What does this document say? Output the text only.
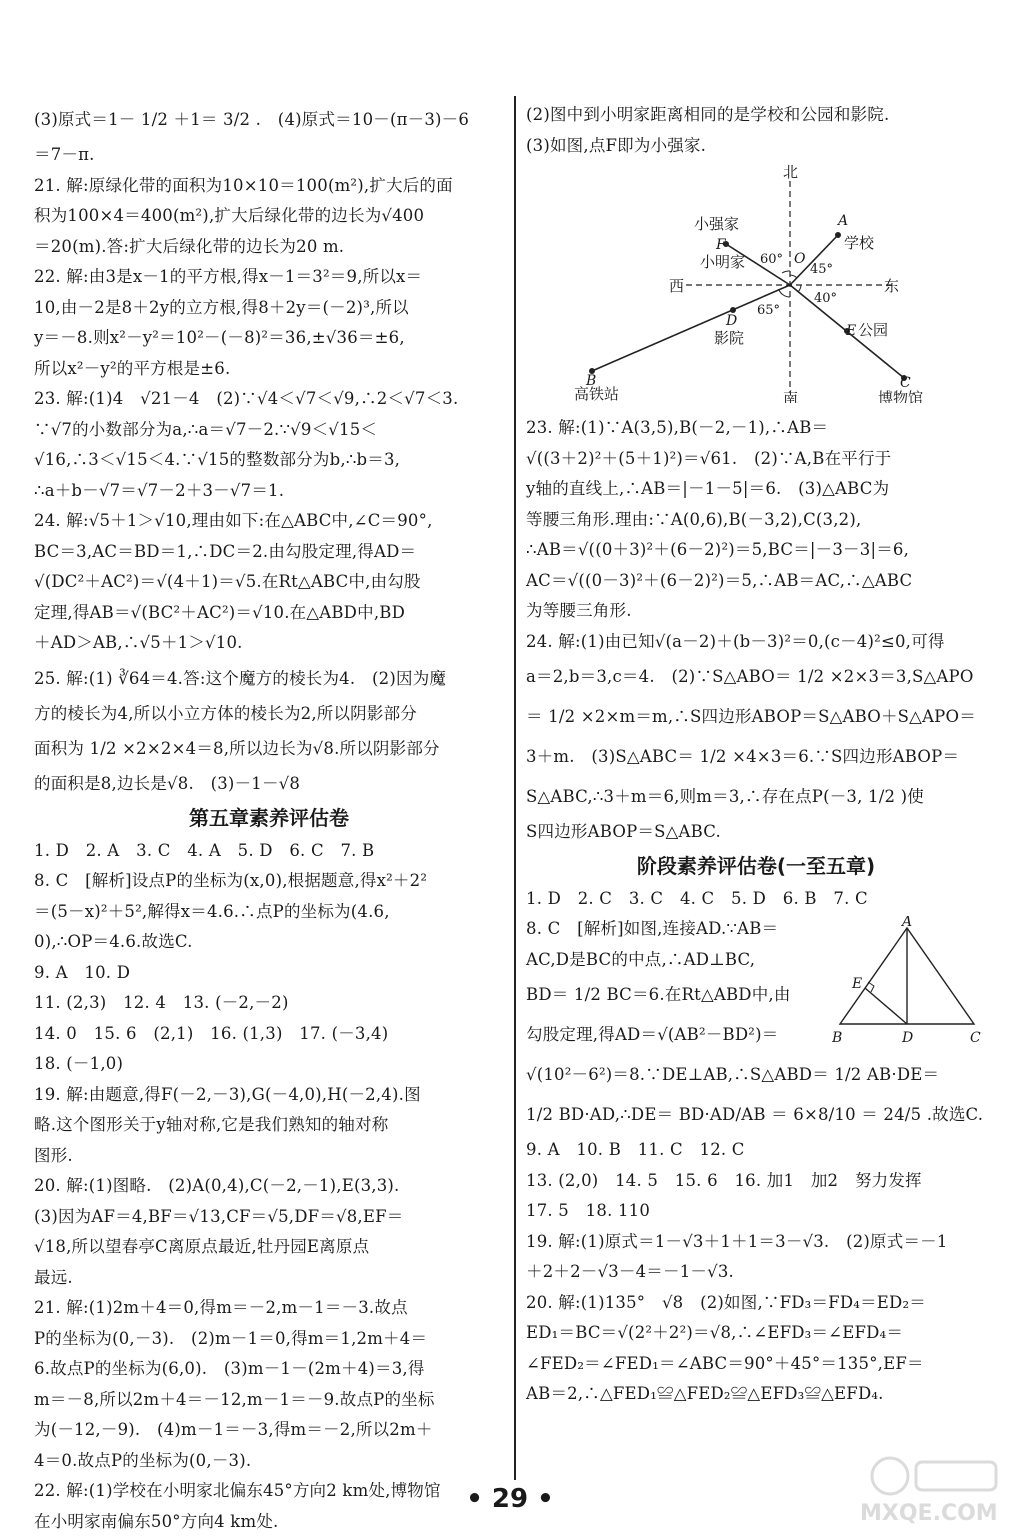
(3)原式＝1－ 1/2 ＋1＝ 3/2 .　(4)原式＝10－(π－3)－6

＝7－π.

21. 解:原绿化带的面积为10×10＝100(m²),扩大后的面

积为100×4＝400(m²),扩大后绿化带的边长为√400

＝20(m).答:扩大后绿化带的边长为20 m.

22. 解:由3是x－1的平方根,得x－1＝3²＝9,所以x＝

10,由－2是8＋2y的立方根,得8＋2y＝(－2)³,所以

y＝－8.则x²－y²＝10²－(－8)²＝36,±√36＝±6,

所以x²－y²的平方根是±6.

23. 解:(1)4　√21－4　(2)∵√4＜√7＜√9,∴2＜√7＜3.

∵√7的小数部分为a,∴a＝√7－2.∵√9＜√15＜

√16,∴3＜√15＜4.∵√15的整数部分为b,∴b＝3,

∴a＋b－√7＝√7－2＋3－√7＝1.

24. 解:√5＋1＞√10,理由如下:在△ABC中,∠C＝90°,

BC＝3,AC＝BD＝1,∴DC＝2.由勾股定理,得AD＝

√(DC²＋AC²)＝√(4＋1)＝√5.在Rt△ABC中,由勾股

定理,得AB＝√(BC²＋AC²)＝√10.在△ABD中,BD

＋AD＞AB,∴√5＋1＞√10.

25. 解:(1) ∛64＝4.答:这个魔方的棱长为4.　(2)因为魔

方的棱长为4,所以小立方体的棱长为2,所以阴影部分

面积为 1/2 ×2×2×4＝8,所以边长为√8.所以阴影部分

的面积是8,边长是√8.　(3)－1－√8

第五章素养评估卷

1. D　2. A　3. C　4. A　5. D　6. C　7. B

8. C　[解析]设点P的坐标为(x,0),根据题意,得x²＋2²

＝(5－x)²＋5²,解得x＝4.6.∴点P的坐标为(4.6,

0),∴OP＝4.6.故选C.

9. A　10. D

11. (2,3)　12. 4　13. (－2,－2)

14. 0　15. 6　(2,1)　16. (1,3)　17. (－3,4)

18. (－1,0)

19. 解:由题意,得F(－2,－3),G(－4,0),H(－2,4).图

略.这个图形关于y轴对称,它是我们熟知的轴对称

图形.

20. 解:(1)图略.　(2)A(0,4),C(－2,－1),E(3,3).

(3)因为AF＝4,BF＝√13,CF＝√5,DF＝√8,EF＝

√18,所以望春亭C离原点最近,牡丹园E离原点

最远.

21. 解:(1)2m＋4＝0,得m＝－2,m－1＝－3.故点

P的坐标为(0,－3).　(2)m－1＝0,得m＝1,2m＋4＝

6.故点P的坐标为(6,0).　(3)m－1－(2m＋4)＝3,得

m＝－8,所以2m＋4＝－12,m－1＝－9.故点P的坐标

为(－12,－9).　(4)m－1＝－3,得m＝－2,所以2m＋

4＝0.故点P的坐标为(0,－3).

22. 解:(1)学校在小明家北偏东45°方向2 km处,博物馆

在小明家南偏东50°方向4 km处.

(2)图中到小明家距离相同的是学校和公园和影院.

(3)如图,点F即为小强家.

北
南
西	东
小强家
小明家
学校
公园
影院
高铁站	博物馆
60°
45°
40°
65°
A
F
O
E
D
B	C

23. 解:(1)∵A(3,5),B(－2,－1),∴AB＝

√((3＋2)²＋(5＋1)²)＝√61.　(2)∵A,B在平行于

y轴的直线上,∴AB＝|－1－5|＝6.　(3)△ABC为

等腰三角形.理由:∵A(0,6),B(－3,2),C(3,2),

∴AB＝√((0＋3)²＋(6－2)²)＝5,BC＝|－3－3|＝6,

AC＝√((0－3)²＋(6－2)²)＝5,∴AB＝AC,∴△ABC

为等腰三角形.

24. 解:(1)由已知√(a－2)＋(b－3)²＝0,(c－4)²≤0,可得

a＝2,b＝3,c＝4.　(2)∵S△ABO＝ 1/2 ×2×3＝3,S△APO

＝ 1/2 ×2×m＝m,∴S四边形ABOP＝S△ABO＋S△APO＝

3＋m.　(3)S△ABC＝ 1/2 ×4×3＝6.∵S四边形ABOP＝

S△ABC,∴3＋m＝6,则m＝3,∴存在点P(－3, 1/2 )使

S四边形ABOP＝S△ABC.

阶段素养评估卷(一至五章)

1. D　2. C　3. C　4. C　5. D　6. B　7. C

A
B	C
D
E

8. C　[解析]如图,连接AD.∵AB＝

AC,D是BC的中点,∴AD⊥BC,

BD＝ 1/2 BC＝6.在Rt△ABD中,由

勾股定理,得AD＝√(AB²－BD²)＝

√(10²－6²)＝8.∵DE⊥AB,∴S△ABD＝ 1/2 AB·DE＝

1/2 BD·AD,∴DE＝ BD·AD/AB ＝ 6×8/10 ＝ 24/5 .故选C.

9. A　10. B　11. C　12. C

13. (2,0)　14. 5　15. 6　16. 加1　加2　努力发挥

17. 5　18. 110

19. 解:(1)原式＝1－√3＋1＋1＝3－√3.　(2)原式＝－1

＋2＋2－√3－4＝－1－√3.

20. 解:(1)135°　√8　(2)如图,∵FD₃＝FD₄＝ED₂＝

ED₁＝BC＝√(2²＋2²)＝√8,∴∠EFD₃＝∠EFD₄＝

∠FED₂＝∠FED₁＝∠ABC＝90°＋45°＝135°,EF＝

AB＝2,∴△FED₁≌△FED₂≌△EFD₃≌△EFD₄.

• 29 •	MXQE.COM
